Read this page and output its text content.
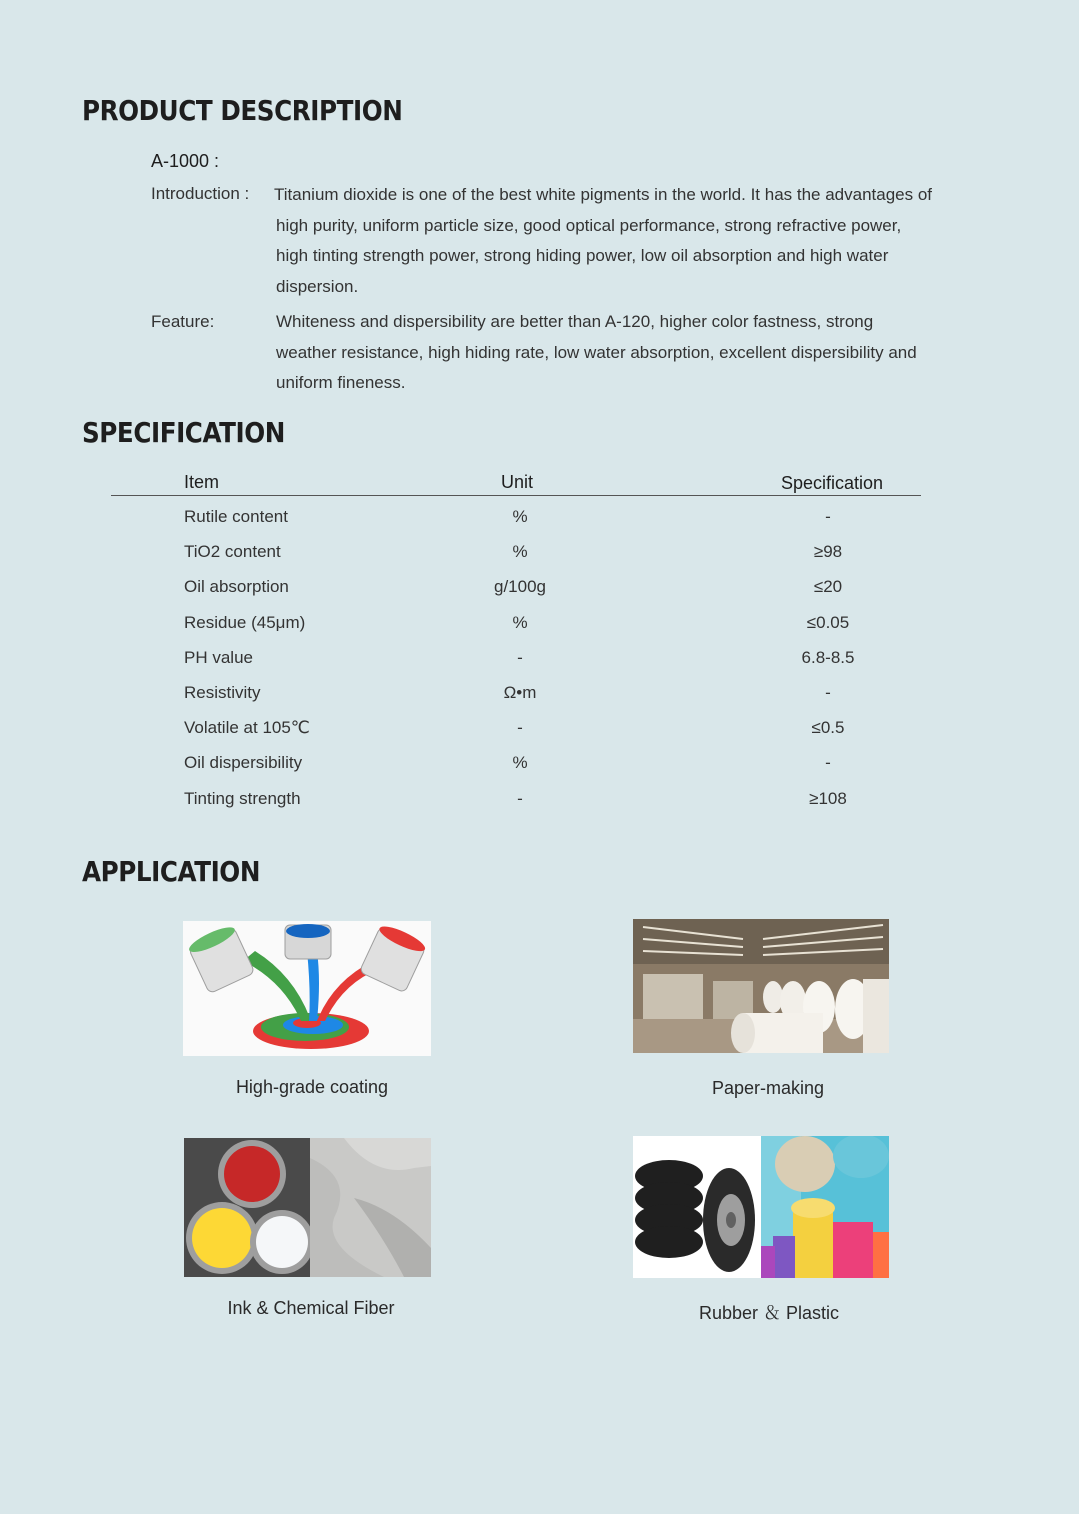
PRODUCT DESCRIPTION
A-1000 :
Introduction : Titanium dioxide is one of the best white pigments in the world. It has the advantages of high purity, uniform particle size, good optical performance, strong refractive power, high tinting strength power, strong hiding power, low oil absorption and high water dispersion.
Feature:	Whiteness and dispersibility are better than A-120, higher color fastness, strong weather resistance, high hiding rate, low water absorption, excellent dispersibility and uniform fineness.
SPECIFICATION
Item	Unit	Specification
Rutile content	%	-
TiO2 content	%	≥98
Oil absorption	g/100g	≤20
Residue (45μm)	%	≤0.05
PH value	-	6.8-8.5
Resistivity	Ω•m	-
Volatile at 105℃	-	≤0.5
Oil dispersibility	%	-
Tinting strength	-	≥108
APPLICATION
High-grade coating	Paper-making
Ink & Chemical Fiber	Rubber ＆ Plastic
